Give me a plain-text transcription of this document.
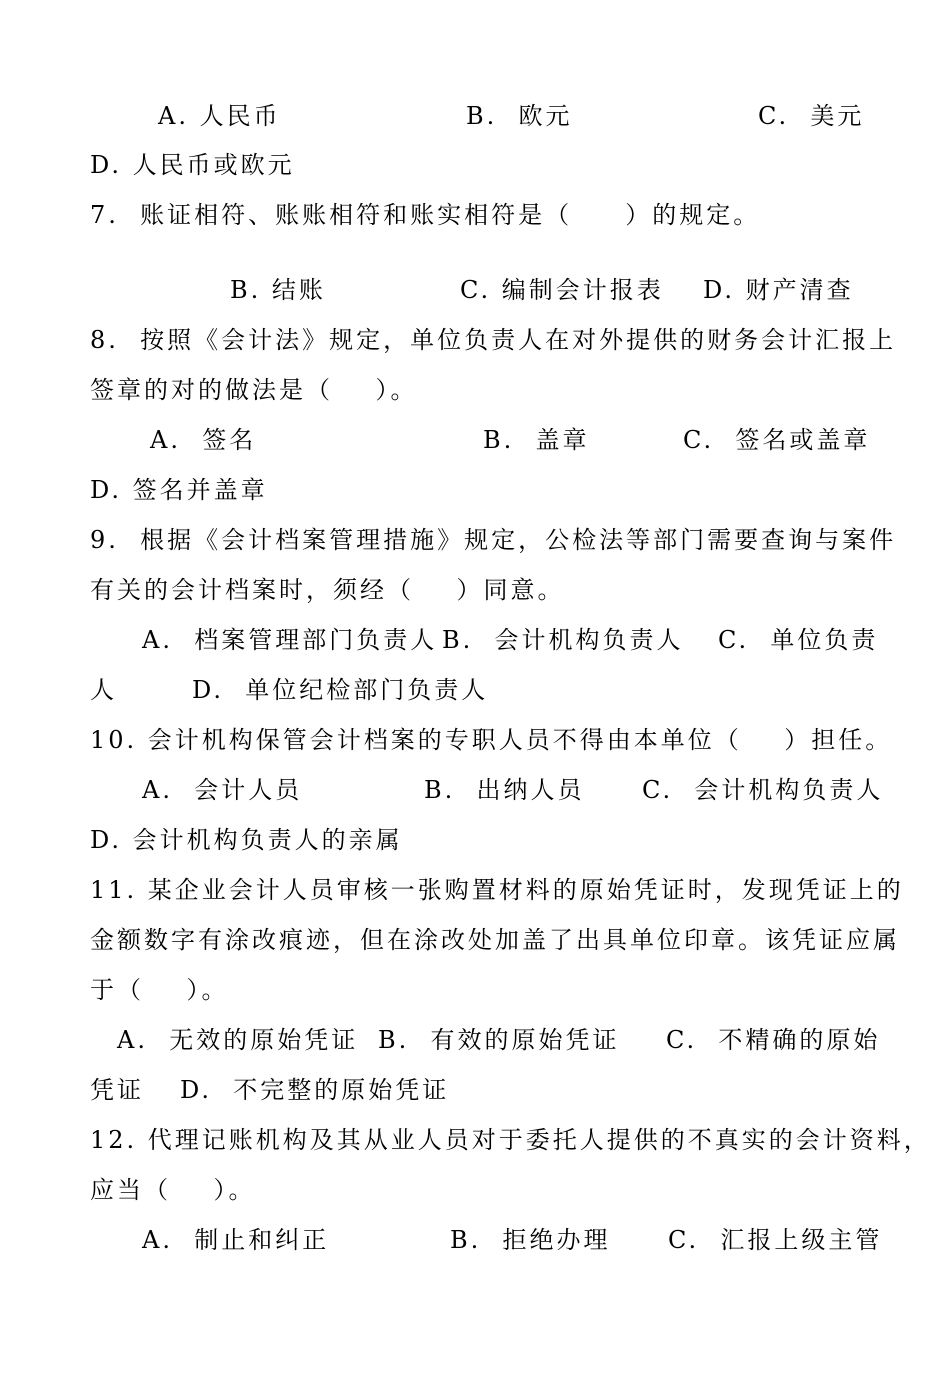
A. 人民币

	B.  欧元

	C.  美元

D. 人民币或欧元

7.  账证相符、账账相符和账实相符是（     ）的规定。

B. 结账

	C. 编制会计报表

D. 财产清查

8.  按照《会计法》规定，单位负责人在对外提供的财务会计汇报上

签章的对的做法是（    ）。

A.  签名

	B.  盖章

	C.  签名或盖章

D. 签名并盖章

9.  根据《会计档案管理措施》规定，公检法等部门需要查询与案件

有关的会计档案时，须经（    ）同意。

A.  档案管理部门负责人

B.  会计机构负责人

C.  单位负责

人

	D.  单位纪检部门负责人

10. 会计机构保管会计档案的专职人员不得由本单位（    ）担任。

A.  会计人员

	B.  出纳人员

C.  会计机构负责人

D. 会计机构负责人的亲属

11. 某企业会计人员审核一张购置材料的原始凭证时，发现凭证上的

金额数字有涂改痕迹，但在涂改处加盖了出具单位印章。该凭证应属

于（    ）。

A.  无效的原始凭证

B.  有效的原始凭证

C.  不精确的原始

凭证

D.  不完整的原始凭证

12. 代理记账机构及其从业人员对于委托人提供的不真实的会计资料，

应当（    ）。

A.  制止和纠正

	B.  拒绝办理

C.  汇报上级主管
